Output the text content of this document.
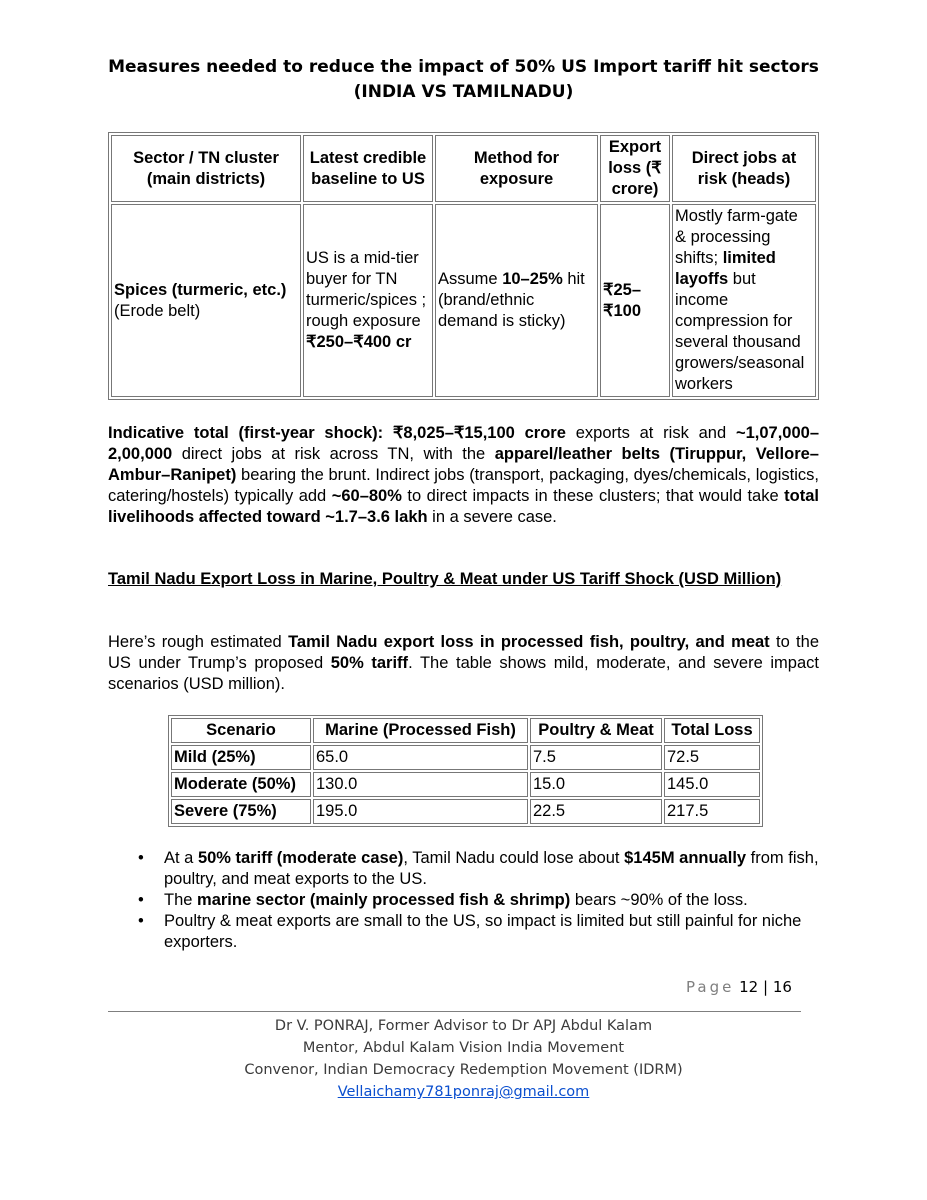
Measures needed to reduce the impact of 50% US Import tariff hit sectors
(INDIA VS TAMILNADU)
Sector / TN cluster (main districts)	Latest credible baseline to US	Method for exposure	Export loss (₹ crore)	Direct jobs at risk (heads)
Spices (turmeric, etc.) (Erode belt)	US is a mid-tier buyer for TN turmeric/spices ; rough exposure ₹250–₹400 cr	Assume 10–25% hit (brand/ethnic demand is sticky)	₹25–₹100	Mostly farm-gate & processing shifts; limited layoffs but income compression for several thousand growers/seasonal workers
Indicative total (first-year shock): ₹8,025–₹15,100 crore exports at risk and ~1,07,000–2,00,000 direct jobs at risk across TN, with the apparel/leather belts (Tiruppur, Vellore–Ambur–Ranipet) bearing the brunt. Indirect jobs (transport, packaging, dyes/chemicals, logistics, catering/hostels) typically add ~60–80% to direct impacts in these clusters; that would take total livelihoods affected toward ~1.7–3.6 lakh in a severe case.
Tamil Nadu Export Loss in Marine, Poultry & Meat under US Tariff Shock (USD Million)
Here’s rough estimated Tamil Nadu export loss in processed fish, poultry, and meat to the US under Trump’s proposed 50% tariff. The table shows mild, moderate, and severe impact scenarios (USD million).
Scenario	Marine (Processed Fish)	Poultry & Meat	Total Loss
Mild (25%)	65.0	7.5	72.5
Moderate (50%)	130.0	15.0	145.0
Severe (75%)	195.0	22.5	217.5
• At a 50% tariff (moderate case), Tamil Nadu could lose about $145M annually from fish, poultry, and meat exports to the US.
• The marine sector (mainly processed fish & shrimp) bears ~90% of the loss.
• Poultry & meat exports are small to the US, so impact is limited but still painful for niche exporters.
Page 12 | 16
Dr V. PONRAJ, Former Advisor to Dr APJ Abdul Kalam
Mentor, Abdul Kalam Vision India Movement
Convenor, Indian Democracy Redemption Movement (IDRM)
Vellaichamy781ponraj@gmail.com
